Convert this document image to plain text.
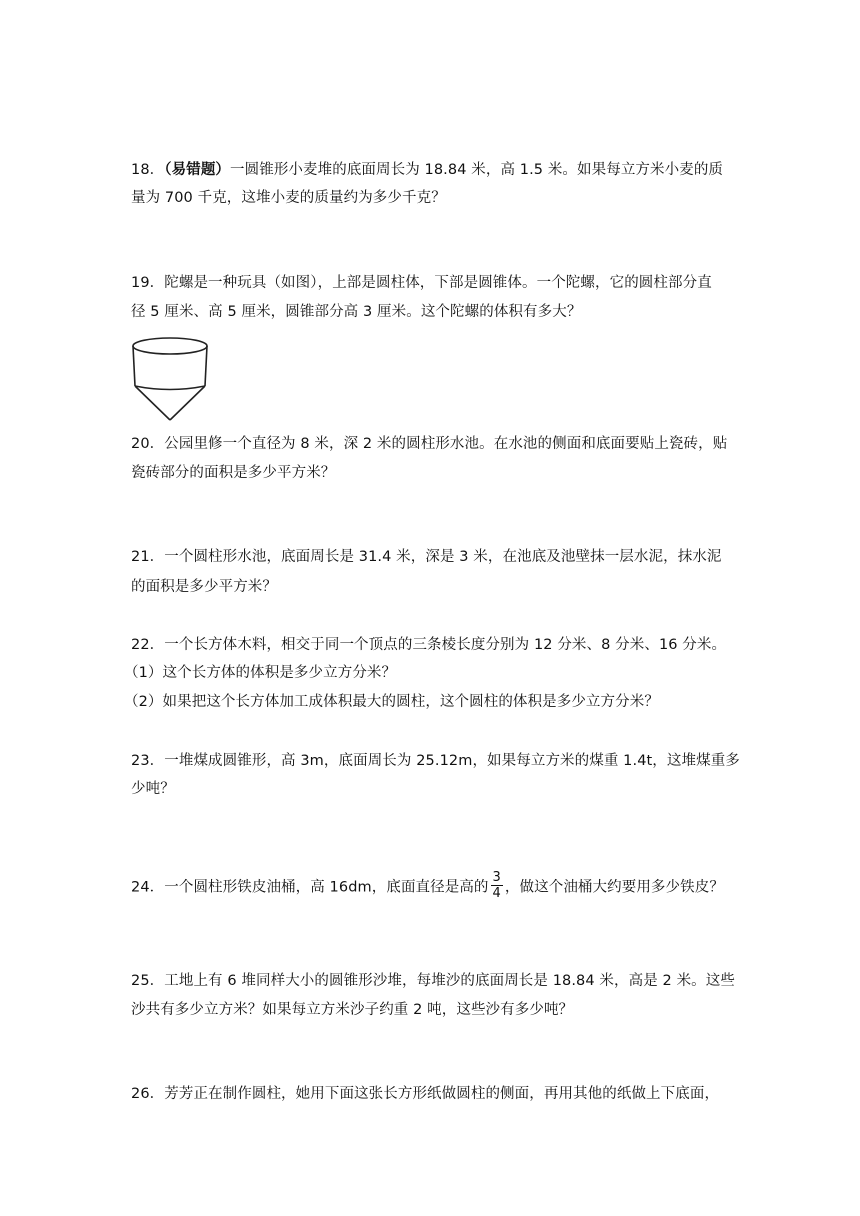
18．（易错题）一圆锥形小麦堆的底面周长为 18.84 米，高 1.5 米。如果每立方米小麦的质
量为 700 千克，这堆小麦的质量约为多少千克？
19．陀螺是一种玩具（如图），上部是圆柱体，下部是圆锥体。一个陀螺，它的圆柱部分直
径 5 厘米、高 5 厘米，圆锥部分高 3 厘米。这个陀螺的体积有多大？
20．公园里修一个直径为 8 米，深 2 米的圆柱形水池。在水池的侧面和底面要贴上瓷砖，贴
瓷砖部分的面积是多少平方米？
21．一个圆柱形水池，底面周长是 31.4 米，深是 3 米，在池底及池壁抹一层水泥，抹水泥
的面积是多少平方米？
22．一个长方体木料，相交于同一个顶点的三条棱长度分别为 12 分米、8 分米、16 分米。
（1）这个长方体的体积是多少立方分米？
（2）如果把这个长方体加工成体积最大的圆柱，这个圆柱的体积是多少立方分米？
23．一堆煤成圆锥形，高 3m，底面周长为 25.12m，如果每立方米的煤重 1.4t，这堆煤重多
少吨？
24．一个圆柱形铁皮油桶，高 16dm，底面直径是高的 $\frac{3}{4}$ ，做这个油桶大约要用多少铁皮？
25．工地上有 6 堆同样大小的圆锥形沙堆，每堆沙的底面周长是 18.84 米，高是 2 米。这些
沙共有多少立方米？如果每立方米沙子约重 2 吨，这些沙有多少吨？
26．芳芳正在制作圆柱，她用下面这张长方形纸做圆柱的侧面，再用其他的纸做上下底面，
